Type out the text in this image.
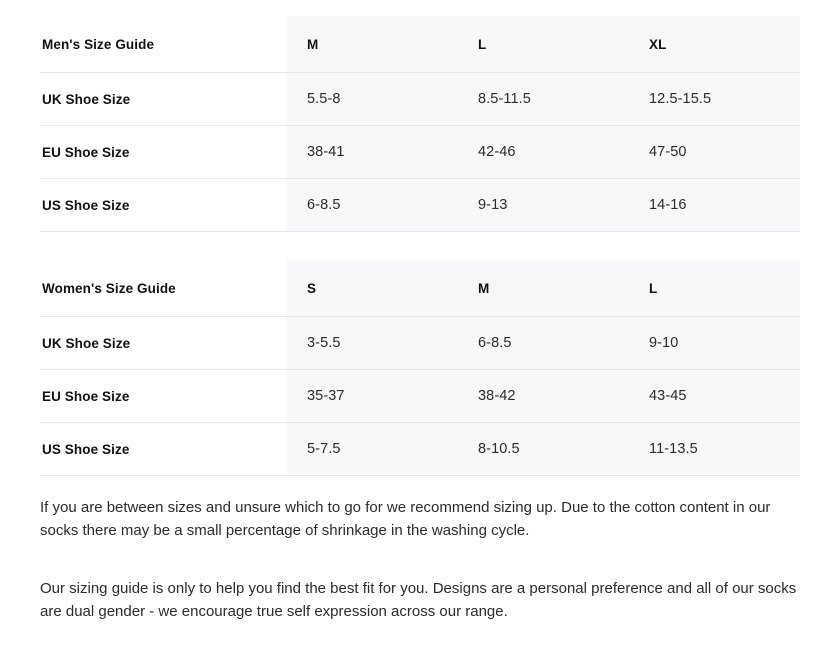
Men's Size Guide	M	L	XL

UK Shoe Size	5.5-8	8.5-11.5	12.5-15.5

EU Shoe Size	38-41	42-46	47-50

US Shoe Size	6-8.5	9-13	14-16
Women's Size Guide	S	M	L

UK Shoe Size	3-5.5	6-8.5	9-10

EU Shoe Size	35-37	38-42	43-45

US Shoe Size	5-7.5	8-10.5	11-13.5

If you are between sizes and unsure which to go for we recommend sizing up. Due to the cotton content in our socks there may be a small percentage of shrinkage in the washing cycle.

Our sizing guide is only to help you find the best fit for you. Designs are a personal preference and all of our socks are dual gender - we encourage true self expression across our range.
